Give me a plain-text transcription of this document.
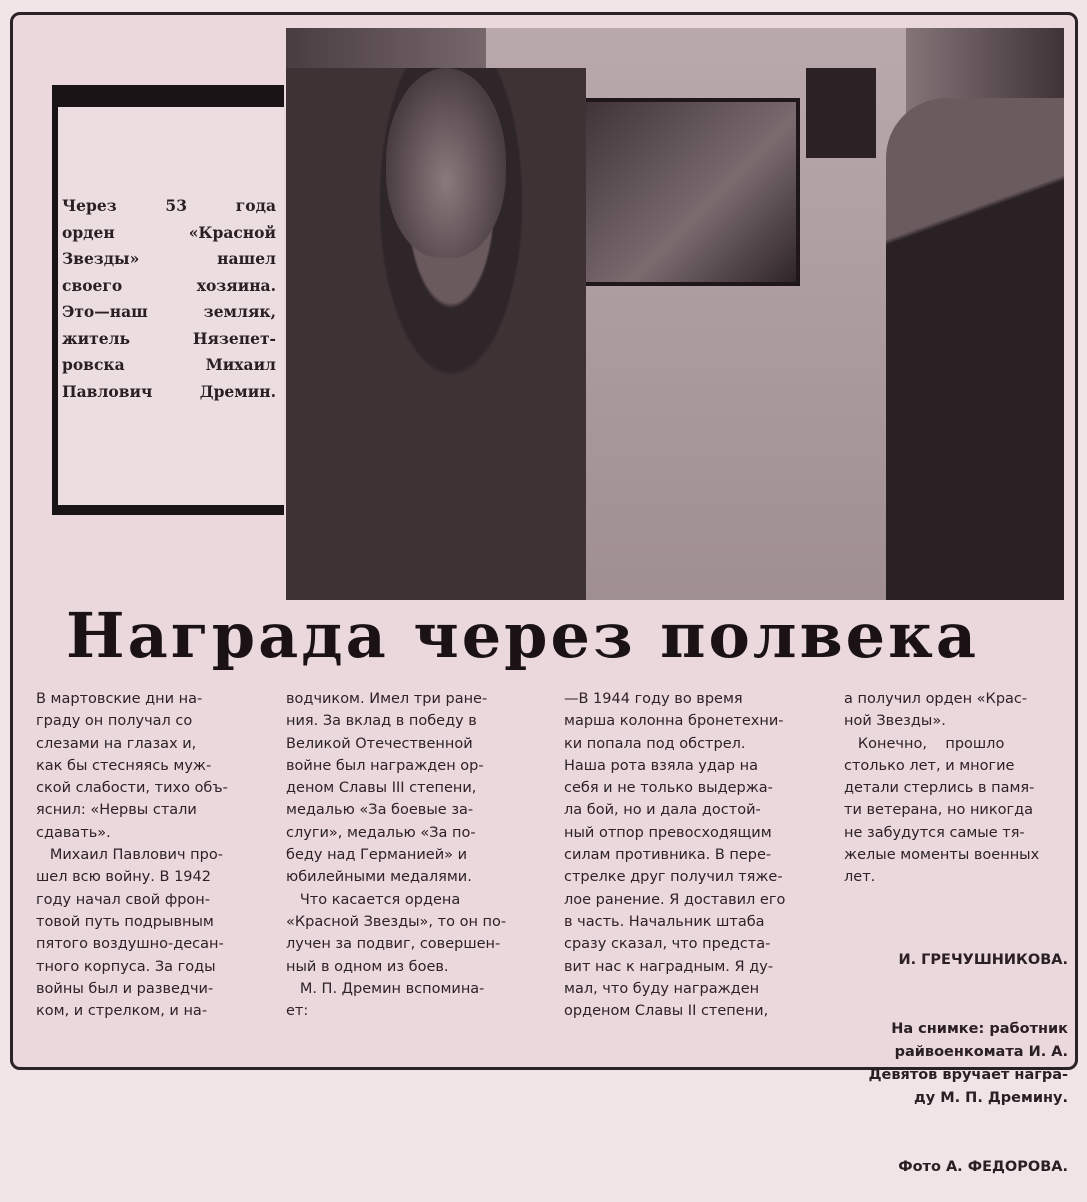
Через 53 года
орден «Красной
Звезды» нашел
своего хозяина.
Это—наш земляк,
житель Нязепет-
ровска Михаил
Павлович Дремин.

Награда через полвека

В мартовские дни на-
граду он получал со
слезами на глазах и,
как бы стесняясь муж-
ской слабости, тихо объ-
яснил: «Нервы стали
сдавать».
Михаил Павлович про-
шел всю войну. В 1942
году начал свой фрон-
товой путь подрывным
пятого воздушно-десан-
тного корпуса. За годы
войны был и разведчи-
ком, и стрелком, и на-

водчиком. Имел три ране-
ния. За вклад в победу в
Великой Отечественной
войне был награжден ор-
деном Славы III степени,
медалью «За боевые за-
слуги», медалью «За по-
беду над Германией» и
юбилейными медалями.
Что касается ордена
«Красной Звезды», то он по-
лучен за подвиг, совершен-
ный в одном из боев.
М. П. Дремин вспомина-
ет:

—В 1944 году во время
марша колонна бронетехни-
ки попала под обстрел.
Наша рота взяла удар на
себя и не только выдержа-
ла бой, но и дала достой-
ный отпор превосходящим
силам противника. В пере-
стрелке друг получил тяже-
лое ранение. Я доставил его
в часть. Начальник штаба
сразу сказал, что предста-
вит нас к наградным. Я ду-
мал, что буду награжден
орденом Славы II степени,

а получил орден «Крас-
ной Звезды».
Конечно,    прошло
столько лет, и многие
детали стерлись в памя-
ти ветерана, но никогда
не забудутся самые тя-
желые моменты военных
лет.

И. ГРЕЧУШНИКОВА.

На снимке: работник
райвоенкомата И. А.
Девятов вручает награ-
ду М. П. Дремину.

Фото А. ФЕДОРОВА.
